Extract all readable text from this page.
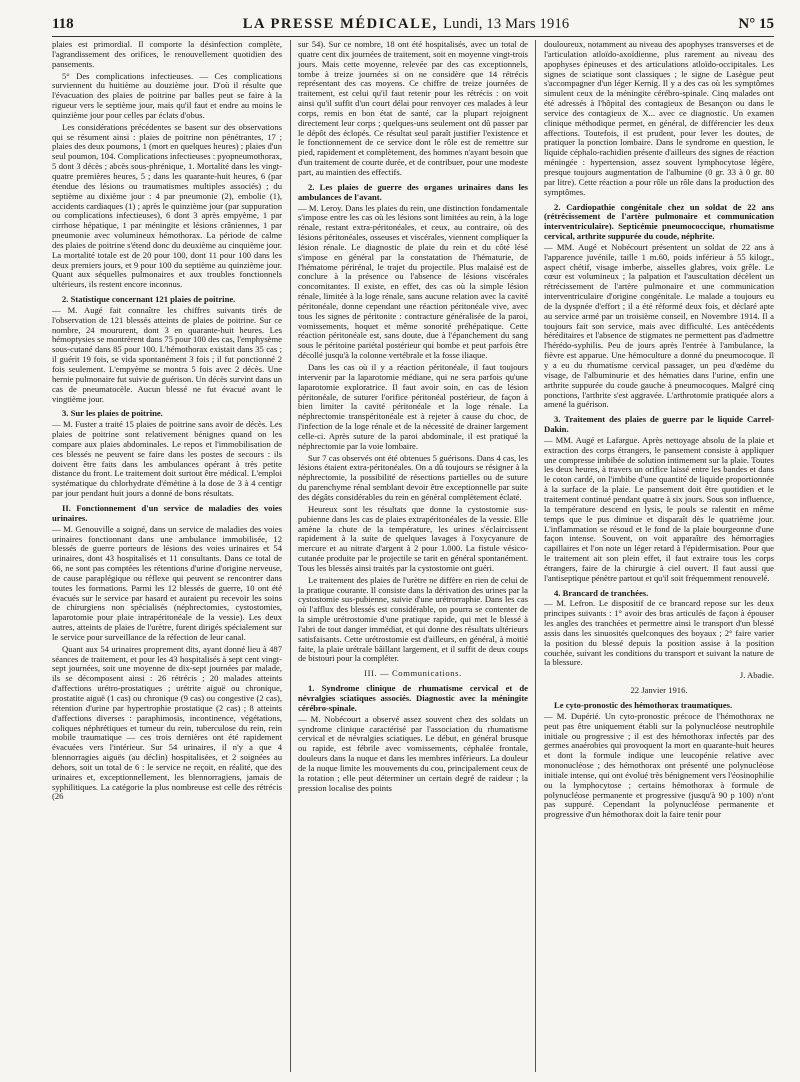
118	LA PRESSE MÉDICALE, Lundi, 13 Mars 1916	N° 15

plaies est primordial. Il comporte la désinfection complète, l'agrandissement des orifices, le renouvellement quotidien des pansements.

5° Des complications infectieuses. — Ces complications surviennent du huitième au douzième jour. D'où il résulte que l'évacuation des plaies de poitrine par balles peut se faire à la rigueur vers le septième jour, mais qu'il faut et endre au moins le quinzième jour pour celles par éclats d'obus.

Les considérations précédentes se basent sur des observations qui se résument ainsi : plaies de poitrine non pénétrantes, 17 ; plaies des deux poumons, 1 (mort en quelques heures) ; plaies d'un seul poumon, 104. Complications infectieuses : pyopneumothorax, 5 dont 3 décès ; abcès sous-phrénique, 1. Mortalité dans les vingt-quatre premières heures, 5 ; dans les quarante-huit heures, 6 (par étendue des lésions ou traumatismes multiples associés) ; du septième au dixième jour : 4 par pneumonie (2), embolie (1), accidents cardiaques (1) ; après le quinzième jour (par suppuration ou complications infectieuses), 6 dont 3 après empyème, 1 par cirrhose hépatique, 1 par méningite et lésions crâniennes, 1 par pneumonie avec volumineux hémothorax. La période de calme des plaies de poitrine s'étend donc du deuxième au cinquième jour. La mortalité totale est de 20 pour 100, dont 11 pour 100 dans les deux premiers jours, et 9 pour 100 du septième au quinzième jour. Quant aux séquelles pulmonaires et aux troubles fonctionnels ultérieurs, ils restent encore inconnus.

2. Statistique concernant 121 plaies de poitrine.

— M. Augé fait connaître les chiffres suivants tirés de l'observation de 121 blessés atteints de plaies de poitrine. Sur ce nombre, 24 moururent, dont 3 en quarante-huit heures. Les hémoptysies se montrèrent dans 75 pour 100 des cas, l'emphysème sous-cutané dans 85 pour 100. L'hémothorax existait dans 35 cas ; il guérit 19 fois, se vida spontanément 3 fois ; il fut ponctionné 2 fois seulement. L'empyème se montra 5 fois avec 2 décès. Une hernie pulmonaire fut suivie de guérison. Un décès survint dans un cas de pneumatocèle. Aucun blessé ne fut évacué avant le vingtième jour.

3. Sur les plaies de poitrine.

— M. Fuster a traité 15 plaies de poitrine sans avoir de décès. Les plaies de poitrine sont relativement bénignes quand on les compare aux plaies abdominales. Le repos et l'immobilisation de ces blessés ne peuvent se faire dans les postes de secours : ils doivent être faits dans les ambulances opérant à très petite distance du front. Le traitement doit surtout être médical. L'emploi systématique du chlorhydrate d'émétine à la dose de 3 à 4 centigr par jour pendant huit jours a donné de bons résultats.

II. Fonctionnement d'un service de maladies des voies urinaires.

— M. Genouville a soigné, dans un service de maladies des voies urinaires fonctionnant dans une ambulance immobilisée, 12 blessés de guerre porteurs de lésions des voies urinaires et 54 urinaires, dont 43 hospitalisés et 11 consultants. Dans ce total de 66, ne sont pas comptées les rétentions d'urine d'origine nerveuse, de cause paraplégique ou réflexe qui peuvent se rencontrer dans toutes les formations. Parmi les 12 blessés de guerre, 10 ont été évacués sur le service par hasard et auraient pu recevoir les soins de chirurgiens non spécialisés (néphrectomies, cystostomies, laparotomie pour plaie intrapéritonéale de la vessie). Les deux autres, atteints de plaies de l'urètre, furent dirigés spécialement sur le service pour surveillance de la réfection de leur canal.

Quant aux 54 urinaires proprement dits, ayant donné lieu à 487 séances de traitement, et pour les 43 hospitalisés à sept cent vingt-sept journées, soit une moyenne de dix-sept journées par malade, ils se décomposent ainsi : 26 rétrécis ; 20 malades atteints d'affections urétro-prostatiques ; urétrite aiguë ou chronique, prostatite aiguë (1 cas) ou chronique (9 cas) ou congestive (2 cas), rétention d'urine par hypertrophie prostatique (2 cas) ; 8 atteints d'affections diverses : paraphimosis, incontinence, végétations, coliques néphrétiques et tumeur du rein, tuberculose du rein, rein mobile traumatique — ces trois dernières ont été rapidement évacuées vers l'intérieur. Sur 54 urinaires, il n'y a que 4 blennorragies aiguës (au déclin) hospitalisées, et 2 soignées au dehors, soit un total de 6 : le service ne reçoit, en réalité, que des urinaires et, exceptionnellement, les blennorragiens, jamais de syphilitiques. La catégorie la plus nombreuse est celle des rétrécis (26

sur 54). Sur ce nombre, 18 ont été hospitalisés, avec un total de quatre cent dix journées de traitement, soit en moyenne vingt-trois jours. Mais cette moyenne, relevée par des cas exceptionnels, tombe à treize journées si on ne considère que 14 rétrécis représentant des cas moyens. Ce chiffre de treize journées de traitement, est celui qu'il faut retenir pour les rétrécis : on voit ainsi qu'il suffit d'un court délai pour renvoyer ces malades à leur corps, remis en bon état de santé, car la plupart rejoignent directement leur corps ; quelques-uns seulement ont dû passer par le dépôt des éclopés. Ce résultat seul paraît justifier l'existence et le fonctionnement de ce service dont le rôle est de remettre sur pied, rapidement et complètement, des hommes n'ayant besoin que d'un traitement de courte durée, et de contribuer, pour une modeste part, au maintien des effectifs.

2. Les plaies de guerre des organes urinaires dans les ambulances de l'avant.

— M. Leroy. Dans les plaies du rein, une distinction fondamentale s'impose entre les cas où les lésions sont limitées au rein, à la loge rénale, restant extra-péritonéales, et ceux, au contraire, où des lésions péritonéales, osseuses et viscérales, viennent compliquer la lésion rénale. Le diagnostic de plaie du rein et du côté lésé s'impose en général par la constatation de l'hématurie, de l'hématome périrénal, le trajet du projectile. Plus malaisé est de conclure à la présence ou l'absence de lésions viscérales concomitantes. Il existe, en effet, des cas où la simple lésion rénale, limitée à la loge rénale, sans aucune relation avec la cavité péritonéale, donne cependant une réaction péritonéale vive, avec tous les signes de péritonite : contracture généralisée de la paroi, vomissements, hoquet et même sonorité préhépatique. Cette réaction péritonéale est, sans doute, due à l'épanchement du sang sous le péritoine pariétal postérieur qui bombe et peut parfois être décollé jusqu'à la colonne vertébrale et la fosse iliaque.

Dans les cas où il y a réaction péritonéale, il faut toujours intervenir par la laparotomie médiane, qui ne sera parfois qu'une laparotomie exploratrice. Il faut avoir soin, en cas de lésion péritonéale, de suturer l'orifice péritonéal postérieur, de façon à bien limiter la cavité péritonéale et la loge rénale. La néphrectomie transpéritonéale est à rejeter à cause du choc, de l'infection de la loge rénale et de la nécessité de drainer largement celle-ci. Après suture de la paroi abdominale, il est pratiqué la néphrectomie par la voie lombaire.

Sur 7 cas observés ont été obtenues 5 guérisons. Dans 4 cas, les lésions étaient extra-péritonéales. On a dû toujours se résigner à la néphrectomie, la possibilité de résections partielles ou de suture du parenchyme rénal semblant devoir être exceptionnelle par suite des dégâts considérables du rein en général complètement éclaté.

Heureux sont les résultats que donne la cystostomie sus-pubienne dans les cas de plaies extrapéritonéales de la vessie. Elle amène la chute de la température, les urines s'éclaircissent rapidement à la suite de quelques lavages à l'oxycyanure de mercure et au nitrate d'argent à 2 pour 1.000. La fistule vésico-cutanée produite par le projectile se tarit en général spontanément. Tous les blessés ainsi traités par la cystostomie ont guéri.

Le traitement des plaies de l'urètre ne diffère en rien de celui de la pratique courante. Il consiste dans la dérivation des urines par la cystostomie sus-pubienne, suivie d'une urétrorraphie. Dans les cas où l'afflux des blessés est considérable, on pourra se contenter de la simple urétrostomie d'une pratique rapide, qui met le blessé à l'abri de tout danger immédiat, et qui donne des résultats ultérieurs satisfaisants. Cette urétrostomie est d'ailleurs, en général, à moitié faite, la plaie urétrale bâillant largement, et il suffit de deux coups de bistouri pour la compléter.

III. — Communications.
1. Syndrome clinique de rhumatisme cervical et de névralgies sciatiques associés. Diagnostic avec la méningite cérébro-spinale.

— M. Nobécourt a observé assez souvent chez des soldats un syndrome clinique caractérisé par l'association du rhumatisme cervical et de névralgies sciatiques. Le début, en général brusque ou rapide, est fébrile avec vomissements, céphalée frontale, douleurs dans la nuque et dans les membres inférieurs. La douleur de la nuque limite les mouvements du cou, principalement ceux de la rotation ; elle peut déterminer un certain degré de raideur ; la pression localise des points

douloureux, notamment au niveau des apophyses transverses et de l'articulation atloïdo-axoïdienne, plus rarement au niveau des apophyses épineuses et des articulations atloïdo-occipitales. Les signes de sciatique sont classiques ; le signe de Lasègue peut s'accompagner d'un léger Kernig. Il y a des cas où les symptômes simulent ceux de la méningite cérébro-spinale. Cinq malades ont été adressés à l'hôpital des contagieux de Besançon ou dans le service des contagieux de X... avec ce diagnostic. Un examen clinique méthodique permet, en général, de différencier les deux affections. Toutefois, il est prudent, pour lever les doutes, de pratiquer la ponction lombaire. Dans le syndrome en question, le liquide céphalo-rachidien présente d'ailleurs des signes de réaction méningée : hypertension, assez souvent lymphocytose légère, presque toujours augmentation de l'albumine (0 gr. 33 à 0 gr. 80 par litre). Cette réaction a pour rôle un rôle dans la production des symptômes.

2. Cardiopathie congénitale chez un soldat de 22 ans (rétrécissement de l'artère pulmonaire et communication interventriculaire). Septicémie pneumococcique, rhumatisme cervical, arthrite suppurée du coude, néphrite.

— MM. Augé et Nobécourt présentent un soldat de 22 ans à l'apparence juvénile, taille 1 m.60, poids inférieur à 55 kilogr., aspect chétif, visage imberbe, aisselles glabres, voix grêle. Le cœur est volumineux ; la palpation et l'auscultation décèlent un rétrécissement de l'artère pulmonaire et une communication interventriculaire d'origine congénitale. Le malade a toujours eu de la dyspnée d'effort ; il a été réformé deux fois, et déclaré apte au service armé par un troisième conseil, en Novembre 1914. Il a toujours fait son service, mais avec difficulté. Les antécédents héréditaires et l'absence de stigmates ne permettent pas d'admettre l'hérédo-syphilis. Peu de jours après l'entrée à l'ambulance, la fièvre est apparue. Une hémoculture a donné du pneumocoque. Il y a eu du rhumatisme cervical passager, un peu d'œdème du visage, de l'albuminurie et des hématies dans l'urine, enfin une arthrite suppurée du coude gauche à pneumocoques. Malgré cinq ponctions, l'arthrite s'est aggravée. L'arthrotomie pratiquée alors a amené la guérison.

3. Traitement des plaies de guerre par le liquide Carrel-Dakin.

— MM. Augé et Lafargue. Après nettoyage absolu de la plaie et extraction des corps étrangers, le pansement consiste à appliquer une compresse imbibée de solution intimement sur la plaie. Toutes les deux heures, à travers un orifice laissé entre les bandes et dans le coton cardé, on l'imbibe d'une quantité de liquide proportionnée à la surface de la plaie. Le pansement doit être quotidien et le traitement continué pendant quatre à six jours. Sous son influence, la température descend en lysis, le pouls se ralentit en même temps que le pus diminue et disparaît dès le quatrième jour. L'inflammation se résoud et le fond de la plaie bourgeonne d'une façon intense. Souvent, on voit apparaître des hémorragies capillaires et l'on note un léger retard à l'épidermisation. Pour que le traitement ait son plein effet, il faut extraire tous les corps étrangers, faire de la chirurgie à ciel ouvert. Il faut aussi que l'antiseptique pénètre partout et qu'il soit fréquemment renouvelé.

4. Brancard de tranchées.

— M. Lefron. Le dispositif de ce brancard repose sur les deux principes suivants : 1° avoir des bras articulés de façon à épouser les angles des tranchées et permettre ainsi le transport d'un blessé assis dans les sinuosités quelconques des boyaux ; 2° faire varier la position du blessé depuis la position assise à la position couchée, suivant les conditions du transport et suivant la nature de la blessure.

J. Abadie.

22 Janvier 1916.

Le cyto-pronostic des hémothorax traumatiques.

— M. Dupérié. Un cyto-pronostic précoce de l'hémothorax ne peut pas être uniquement établi sur la polynucléose neutrophile initiale ou progressive ; il est des hémothorax infectés par des germes anaérobies qui provoquent la mort en quarante-huit heures et dont la formule indique une leucopénie relative avec mononucléose ; des hémothorax ont présenté une polynucléose initiale intense, qui ont évolué très bénignement vers l'éosinophilie ou la lymphocytose ; certains hémothorax à formule de polynucléose permanente et progressive (jusqu'à 90 p 100) n'ont pas suppuré. Cependant la polynucléose permanente et progressive d'un hémothorax doit la faire tenir pour
